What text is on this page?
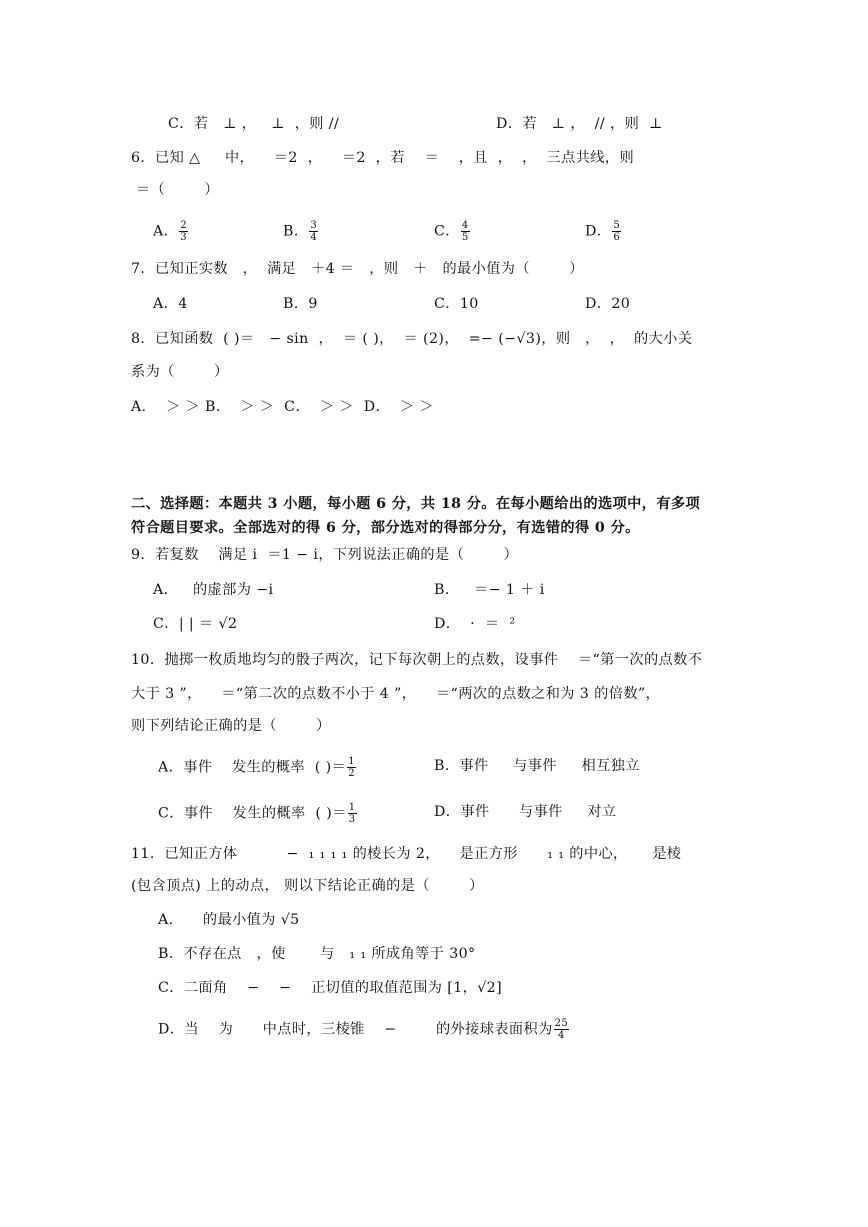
C．若   ⊥ ，   ⊥  ，则 //	D．若   ⊥ ，  // ，则  ⊥
6．已知 △     中，    ＝2  ，    ＝2  ，若    ＝    ，且  ，  ，  三点共线，则
＝（        ）
A． $\frac{2}{3}$	B． $\frac{3}{4}$	C． $\frac{4}{5}$	D． $\frac{5}{6}$
7．已知正实数   ，  满足   ＋4 ＝   ，则   ＋   的最小值为（        ）
A．4	B．9	C．10	D．20
8．已知函数  ( )＝   − sin  ，  ＝ ( )，  ＝ (2)，  =− (−√3)，则   ，  ，  的大小关
系为（        ）
A．  ＞ ＞ B．  ＞ ＞  C．  ＞ ＞  D．  ＞ ＞
二、选择题：本题共 3 小题，每小题 6 分，共 18 分。在每小题给出的选项中，有多项
符合题目要求。全部选对的得 6 分，部分选对的得部分分，有选错的得 0 分。
9．若复数    满足 i  ＝1 − i，下列说法正确的是（        ）
A．   的虚部为 −i	B．   ＝− 1 ＋ i
C．| | ＝ √2	D．  ·  ＝  ²
10．抛掷一枚质地均匀的骰子两次，记下每次朝上的点数，设事件    ＝“第一次的点数不
大于 3 ”，    ＝“第二次的点数不小于 4 ”，    ＝“两次的点数之和为 3 的倍数”，
则下列结论正确的是（        ）
A．事件    发生的概率  ( )＝ $\frac{1}{2}$	B．事件     与事件     相互独立
C．事件    发生的概率  ( )＝ $\frac{1}{3}$	D．事件      与事件     对立
11．已知正方体          −  ₁ ₁ ₁ ₁ 的棱长为 2，    是正方形      ₁ ₁ 的中心，     是棱
(包含顶点) 上的动点， 则以下结论正确的是（        ）
A．    的最小值为 √5
B．不存在点   ，使       与   ₁ ₁ 所成角等于 30°
C．二面角    −    −    正切值的取值范围为 [1，√2]
D．当    为      中点时，三棱锥    −        的外接球表面积为 $\frac{25}{4}$
